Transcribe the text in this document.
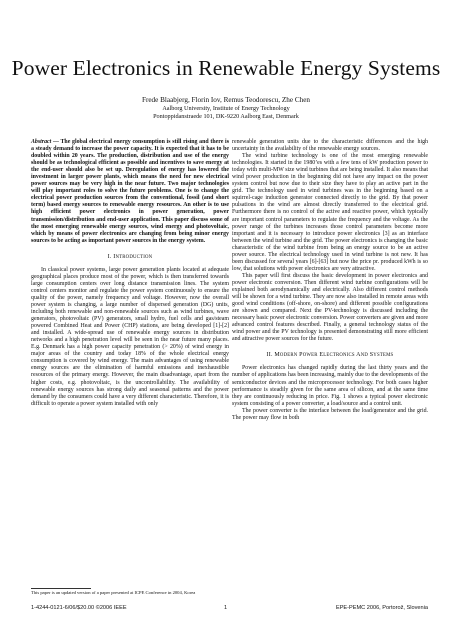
Power Electronics in Renewable Energy Systems
Frede Blaabjerg, Florin Iov, Remus Teodorescu, Zhe Chen
Aalborg University, Institute of Energy Technology
Pontoppidanstraede 101, DK-9220 Aalborg East, Denmark

Abstract — The global electrical energy consumption is still rising and there is a steady demand to increase the power capacity. It is expected that it has to be doubled within 20 years. The production, distribution and use of the energy should be as technological efficient as possible and incentives to save energy at the end-user should also be set up. Deregulation of energy has lowered the investment in larger power plants, which means the need for new electrical power sources may be very high in the near future. Two major technologies will play important roles to solve the future problems. One is to change the electrical power production sources from the conventional, fossil (and short term) based energy sources to renewable energy resources. An other is to use high efficient power electronics in power generation, power transmission/distribution and end-user application. This paper discuss some of the most emerging renewable energy sources, wind energy and photovoltaic, which by means of power electronics are changing from being minor energy sources to be acting as important power sources in the energy system.

I. INTRODUCTION

In classical power systems, large power generation plants located at adequate geographical places produce most of the power, which is then transferred towards large consumption centers over long distance transmission lines. The system control centers monitor and regulate the power system continuously to ensure the quality of the power, namely frequency and voltage. However, now the overall power system is changing, a large number of dispersed generation (DG) units, including both renewable and non-renewable sources such as wind turbines, wave generators, photovoltaic (PV) generators, small hydro, fuel cells and gas/steam powered Combined Heat and Power (CHP) stations, are being developed [1]-[2] and installed. A wide-spread use of renewable energy sources in distribution networks and a high penetration level will be seen in the near future many places. E.g. Denmark has a high power capacity penetration (> 20%) of wind energy in major areas of the country and today 18% of the whole electrical energy consumption is covered by wind energy. The main advantages of using renewable energy sources are the elimination of harmful emissions and inexhaustible resources of the primary energy. However, the main disadvantage, apart from the higher costs, e.g. photovoltaic, is the uncontrollability. The availability of renewable energy sources has strong daily and seasonal patterns and the power demand by the consumers could have a very different characteristic. Therefore, it is difficult to operate a power system installed with only

renewable generation units due to the characteristic differences and the high uncertainty in the availability of the renewable energy sources.

The wind turbine technology is one of the most emerging renewable technologies. It started in the 1980’es with a few tens of kW production power to today with multi-MW size wind turbines that are being installed. It also means that wind power production in the beginning did not have any impact on the power system control but now due to their size they have to play an active part in the grid. The technology used in wind turbines was in the beginning based on a squirrel-cage induction generator connected directly to the grid. By that power pulsations in the wind are almost directly transferred to the electrical grid. Furthermore there is no control of the active and reactive power, which typically are important control parameters to regulate the frequency and the voltage. As the power range of the turbines increases those control parameters become more important and it is necessary to introduce power electronics [3] as an interface between the wind turbine and the grid. The power electronics is changing the basic characteristic of the wind turbine from being an energy source to be an active power source. The electrical technology used in wind turbine is not new. It has been discussed for several years [6]-[63] but now the price pr. produced kWh is so low, that solutions with power electronics are very attractive.

This paper will first discuss the basic development in power electronics and power electronic conversion. Then different wind turbine configurations will be explained both aerodynamically and electrically. Also different control methods will be shown for a wind turbine. They are now also installed in remote areas with good wind conditions (off-shore, on-shore) and different possible configurations are shown and compared. Next the PV-technology is discussed including the necessary basic power electronic conversion. Power converters are given and more advanced control features described. Finally, a general technology status of the wind power and the PV technology is presented demonstrating still more efficient and attractive power sources for the future.

II. MODERN POWER ELECTRONICS AND SYSTEMS

Power electronics has changed rapidly during the last thirty years and the number of applications has been increasing, mainly due to the developments of the semiconductor devices and the microprocessor technology. For both cases higher performance is steadily given for the same area of silicon, and at the same time they are continuously reducing in price. Fig. 1 shows a typical power electronic system consisting of a power converter, a load/source and a control unit.

The power converter is the interface between the load/generator and the grid. The power may flow in both

This paper is an updated version of a paper presented at ICPE Conference in 2004, Korea
1-4244-0121-6/06/$20.00 ©2006 IEEE	1	EPE-PEMC 2006, Portorož, Slovenia
